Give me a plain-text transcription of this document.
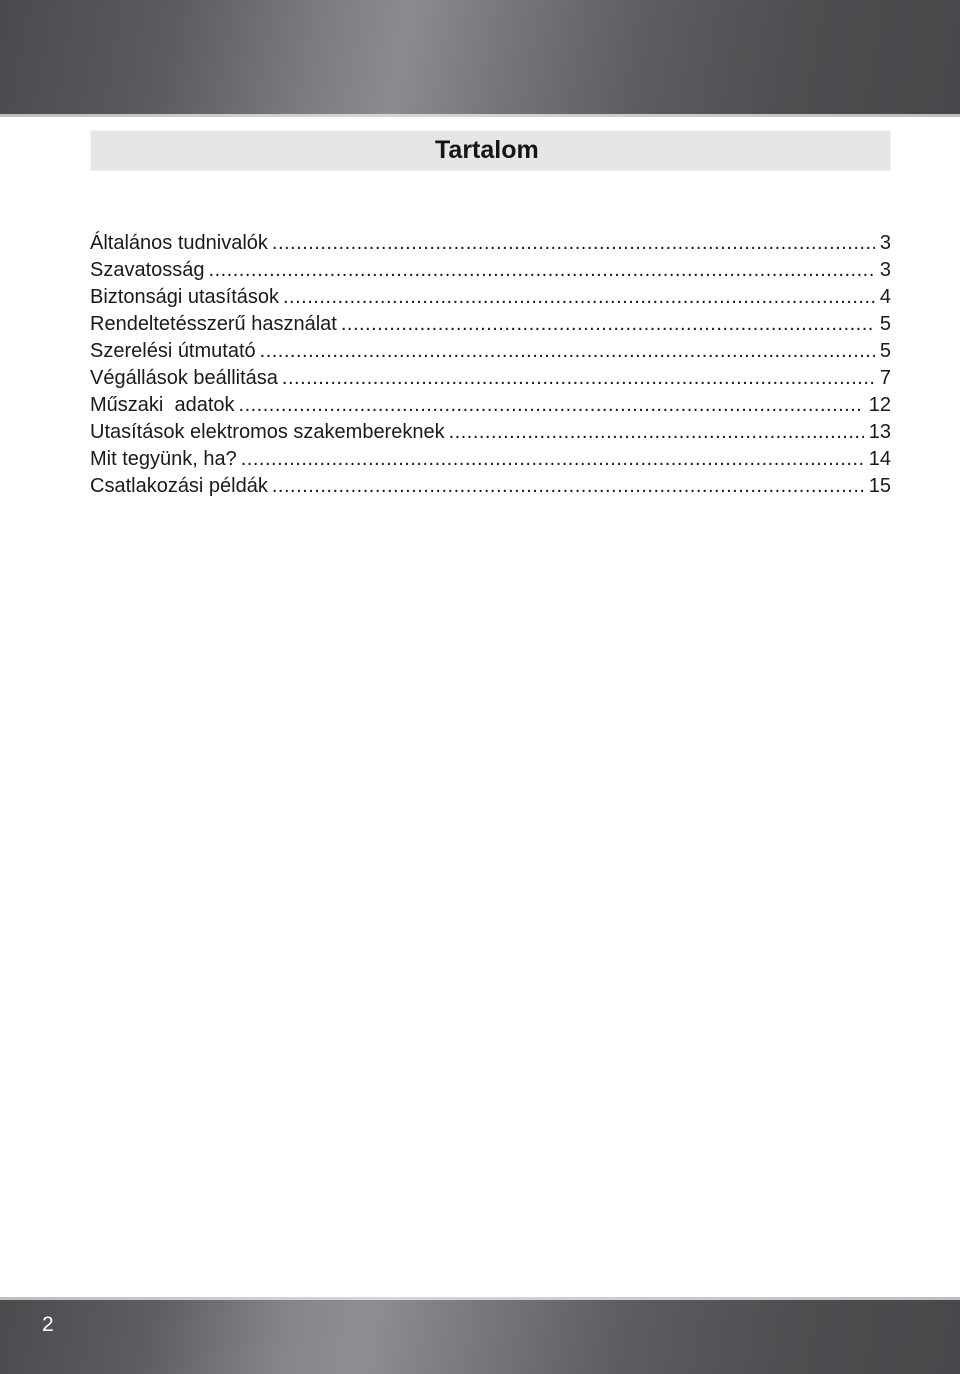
Tartalom
Általános tudnivalók .....	3
Szavatosság .....	3
Biztonsági utasítások .....	4
Rendeltetésszerű használat .....	5
Szerelési útmutató .....	5
Végállások beállitása .....	7
Műszaki  adatok .....	12
Utasítások elektromos szakembereknek .....	13
Mit tegyünk, ha? .....	14
Csatlakozási példák .....	15
2
